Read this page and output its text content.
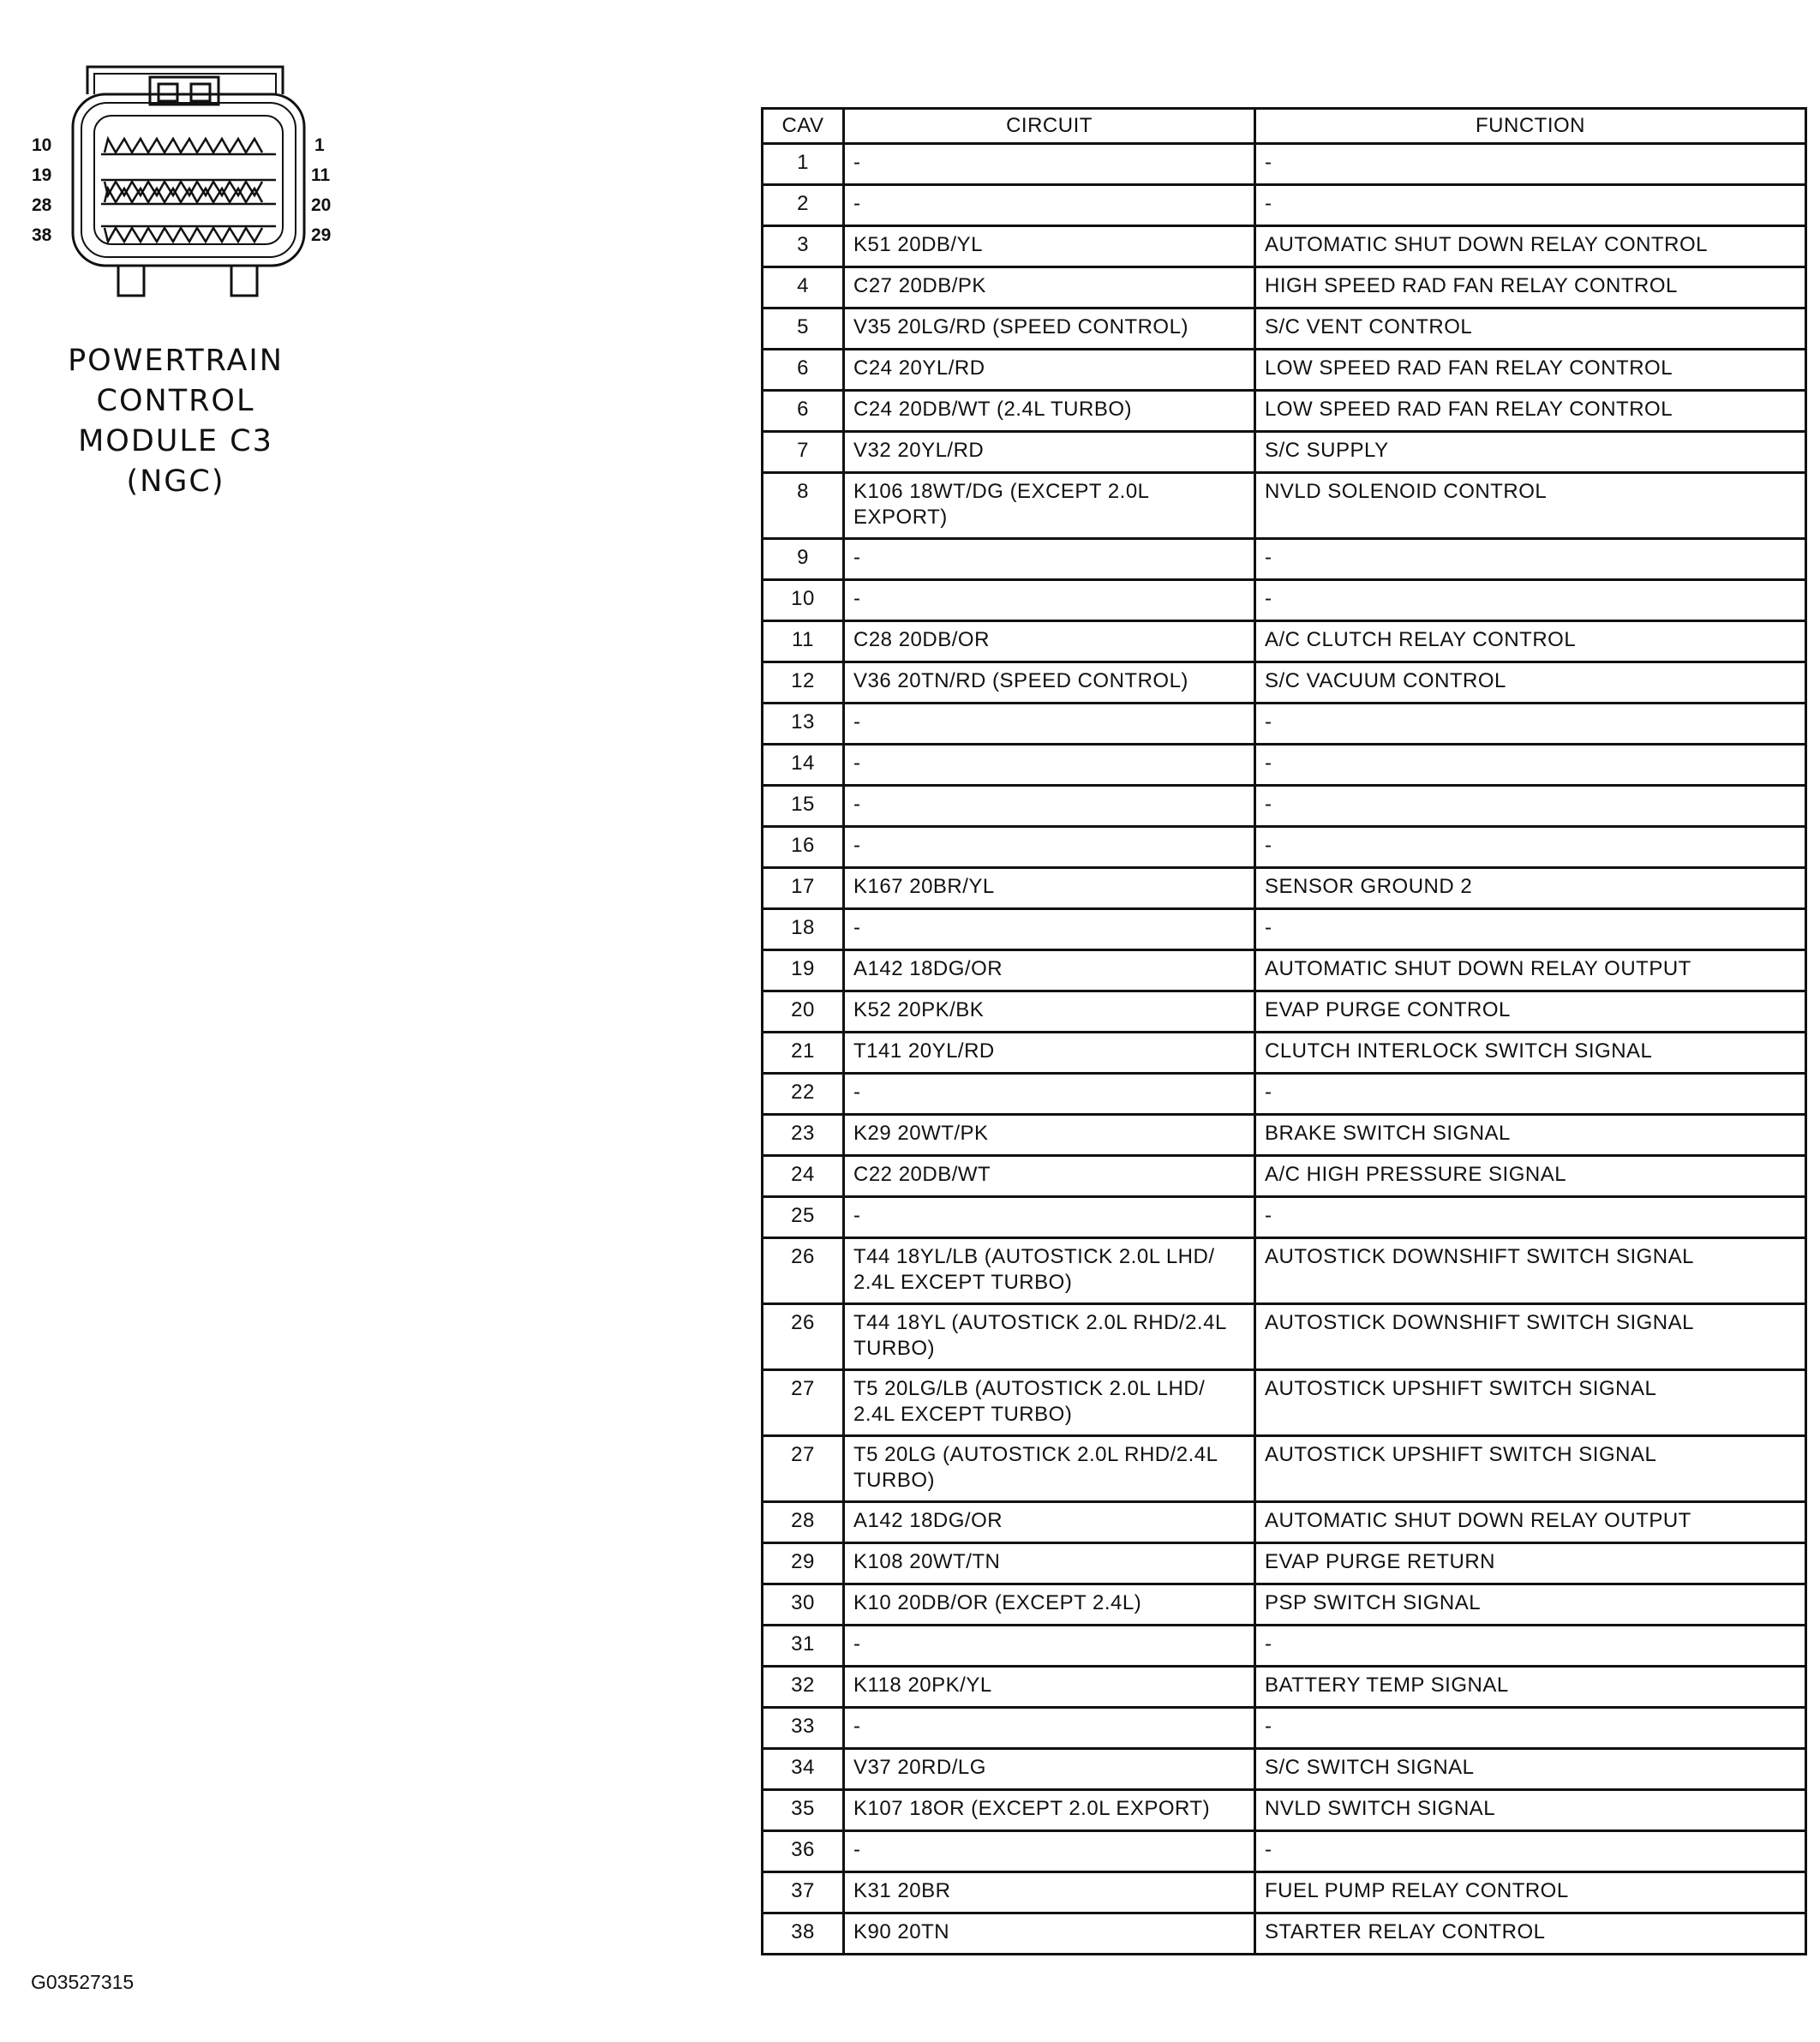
10
19
28
38
1
11
20
29
POWERTRAIN
CONTROL
MODULE C3
(NGC)
G03527315
CAV	CIRCUIT	FUNCTION
1	-	-
2	-	-
3	K51 20DB/YL	AUTOMATIC SHUT DOWN RELAY CONTROL
4	C27 20DB/PK	HIGH SPEED RAD FAN RELAY CONTROL
5	V35 20LG/RD (SPEED CONTROL)	S/C VENT CONTROL
6	C24 20YL/RD	LOW SPEED RAD FAN RELAY CONTROL
6	C24 20DB/WT (2.4L TURBO)	LOW SPEED RAD FAN RELAY CONTROL
7	V32 20YL/RD	S/C SUPPLY
8	K106 18WT/DG (EXCEPT 2.0L EXPORT)	NVLD SOLENOID CONTROL
9	-	-
10	-	-
11	C28 20DB/OR	A/C CLUTCH RELAY CONTROL
12	V36 20TN/RD (SPEED CONTROL)	S/C VACUUM CONTROL
13	-	-
14	-	-
15	-	-
16	-	-
17	K167 20BR/YL	SENSOR GROUND 2
18	-	-
19	A142 18DG/OR	AUTOMATIC SHUT DOWN RELAY OUTPUT
20	K52 20PK/BK	EVAP PURGE CONTROL
21	T141 20YL/RD	CLUTCH INTERLOCK SWITCH SIGNAL
22	-	-
23	K29 20WT/PK	BRAKE SWITCH SIGNAL
24	C22 20DB/WT	A/C HIGH PRESSURE SIGNAL
25	-	-
26	T44 18YL/LB (AUTOSTICK 2.0L LHD/ 2.4L EXCEPT TURBO)	AUTOSTICK DOWNSHIFT SWITCH SIGNAL
26	T44 18YL (AUTOSTICK 2.0L RHD/2.4L TURBO)	AUTOSTICK DOWNSHIFT SWITCH SIGNAL
27	T5 20LG/LB (AUTOSTICK 2.0L LHD/ 2.4L EXCEPT TURBO)	AUTOSTICK UPSHIFT SWITCH SIGNAL
27	T5 20LG (AUTOSTICK 2.0L RHD/2.4L TURBO)	AUTOSTICK UPSHIFT SWITCH SIGNAL
28	A142 18DG/OR	AUTOMATIC SHUT DOWN RELAY OUTPUT
29	K108 20WT/TN	EVAP PURGE RETURN
30	K10 20DB/OR (EXCEPT 2.4L)	PSP SWITCH SIGNAL
31	-	-
32	K118 20PK/YL	BATTERY TEMP SIGNAL
33	-	-
34	V37 20RD/LG	S/C SWITCH SIGNAL
35	K107 18OR (EXCEPT 2.0L EXPORT)	NVLD SWITCH SIGNAL
36	-	-
37	K31 20BR	FUEL PUMP RELAY CONTROL
38	K90 20TN	STARTER RELAY CONTROL
